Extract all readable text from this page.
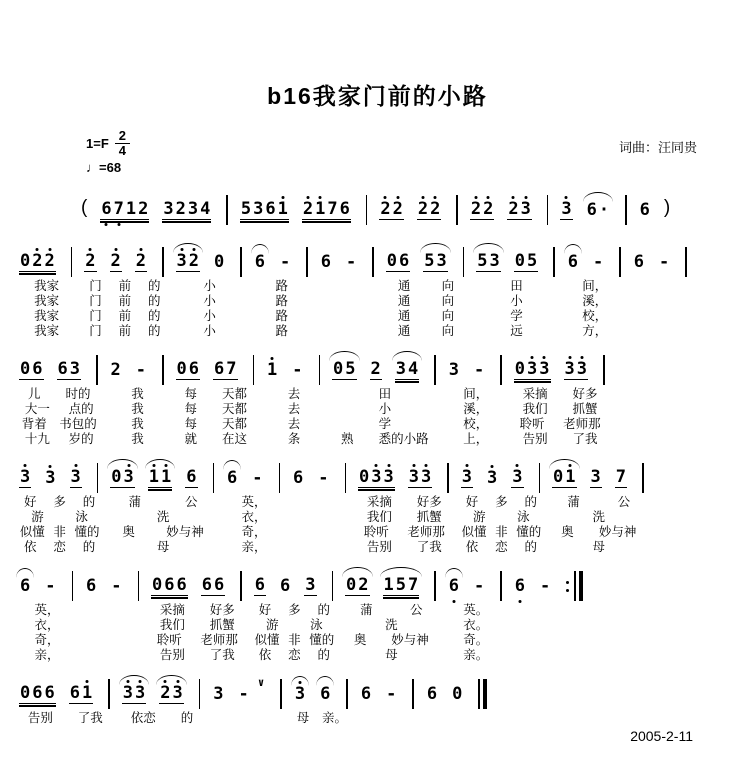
b16我家门前的小路
$1=F \frac{2}{4}$
♩=68
词曲：汪同贵
( 6 7 1 2 3 2 3 4 5 3 6 1 2 1 7 6 2 2 2 2 2 2 2 3 3 6 · 6 )
0 2 2
我家
我家
我家
我家
2 2 2
门 前 的
门 前 的
门 前 的
门 前 的
3 2 0
小
小
小
小
6 -
路
路
路
路
6 -

0 6 5 3
通 向
通 向
通 向
通 向
5 3 0 5
田
小
学
远
6 -
间，
溪，
校，
方，
6 -

0 6 6 3
儿 时的
大一 点的
背着 书包的
十九 岁的
2 -
我
我
我
我
0 6 6 7
每 天都
每 天都
每 天都
就 在这
1 -
去
去
去
条
0 5 2 3 4
田
小
学
熟 悉的小路
3 -
间，
溪，
校，
上，
0 3 3 3 3
采摘 好多
我们 抓蟹
聆听 老师那
告别 了我
3 3 3
好 多 的
游	泳
似懂 非 懂的
依 恋 的
0 3 1 1 6
蒲	公
洗
奥	妙与神
母
6 -
英，
衣，
奇，
亲，
6 -

0 3 3 3 3
采摘 好多
我们 抓蟹
聆听 老师那
告别 了我
3 3 3
好 多 的
游	泳
似懂 非 懂的
依 恋 的
0 1 3 7
蒲	公
洗
奥 妙与神
母
6 -
英，
衣，
奇，
亲，
6 -

0 6 6 6 6
采摘 好多
我们 抓蟹
聆听 老师那
告别 了我
6 6 3
好 多 的
游	泳
似懂 非 懂的
依 恋 的
0 2 1 5 7
蒲	公
洗
奥 妙与神
母
6 -
英。
衣。
奇。
亲。
6 -

0 6 6 6 1
告别 了我
3 3 2 3
依恋 的
3 -
∨

3 6
母 亲。
6 -
6 0

2005-2-11
